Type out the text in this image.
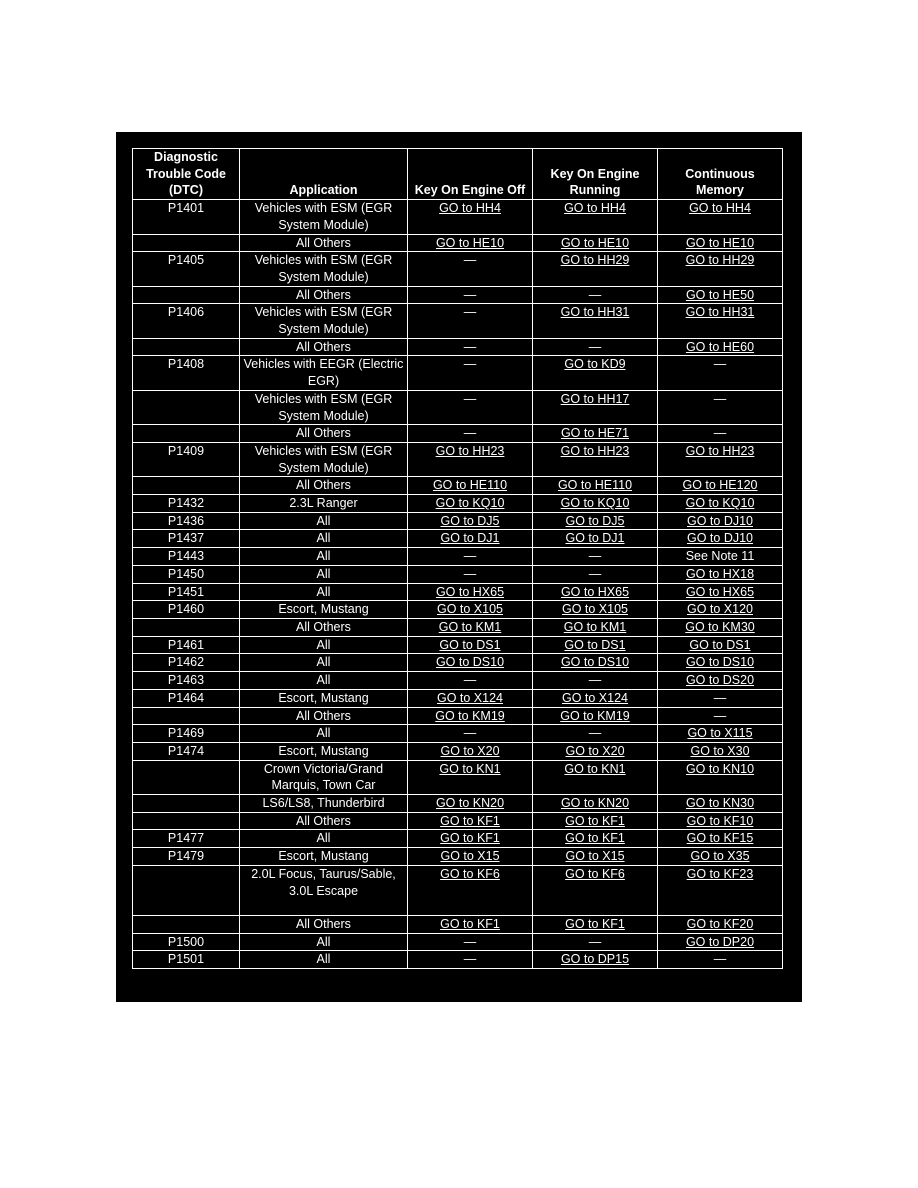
Diagnostic Trouble Code (DTC)	Application	Key On Engine Off	Key On Engine Running	Continuous Memory
P1401	Vehicles with ESM (EGR System Module)	GO to HH4	GO to HH4	GO to HH4
	All Others	GO to HE10	GO to HE10	GO to HE10
P1405	Vehicles with ESM (EGR System Module)	—	GO to HH29	GO to HH29
	All Others	—	—	GO to HE50
P1406	Vehicles with ESM (EGR System Module)	—	GO to HH31	GO to HH31
	All Others	—	—	GO to HE60
P1408	Vehicles with EEGR (Electric EGR)	—	GO to KD9	—
	Vehicles with ESM (EGR System Module)	—	GO to HH17	—
	All Others	—	GO to HE71	—
P1409	Vehicles with ESM (EGR System Module)	GO to HH23	GO to HH23	GO to HH23
	All Others	GO to HE110	GO to HE110	GO to HE120
P1432	2.3L Ranger	GO to KQ10	GO to KQ10	GO to KQ10
P1436	All	GO to DJ5	GO to DJ5	GO to DJ10
P1437	All	GO to DJ1	GO to DJ1	GO to DJ10
P1443	All	—	—	See Note 11
P1450	All	—	—	GO to HX18
P1451	All	GO to HX65	GO to HX65	GO to HX65
P1460	Escort, Mustang	GO to X105	GO to X105	GO to X120
	All Others	GO to KM1	GO to KM1	GO to KM30
P1461	All	GO to DS1	GO to DS1	GO to DS1
P1462	All	GO to DS10	GO to DS10	GO to DS10
P1463	All	—	—	GO to DS20
P1464	Escort, Mustang	GO to X124	GO to X124	—
	All Others	GO to KM19	GO to KM19	—
P1469	All	—	—	GO to X115
P1474	Escort, Mustang	GO to X20	GO to X20	GO to X30
	Crown Victoria/Grand Marquis, Town Car	GO to KN1	GO to KN1	GO to KN10
	LS6/LS8, Thunderbird	GO to KN20	GO to KN20	GO to KN30
	All Others	GO to KF1	GO to KF1	GO to KF10
P1477	All	GO to KF1	GO to KF1	GO to KF15
P1479	Escort, Mustang	GO to X15	GO to X15	GO to X35
	2.0L Focus, Taurus/Sable, 3.0L Escape	GO to KF6	GO to KF6	GO to KF23
	All Others	GO to KF1	GO to KF1	GO to KF20
P1500	All	—	—	GO to DP20
P1501	All	—	GO to DP15	—
